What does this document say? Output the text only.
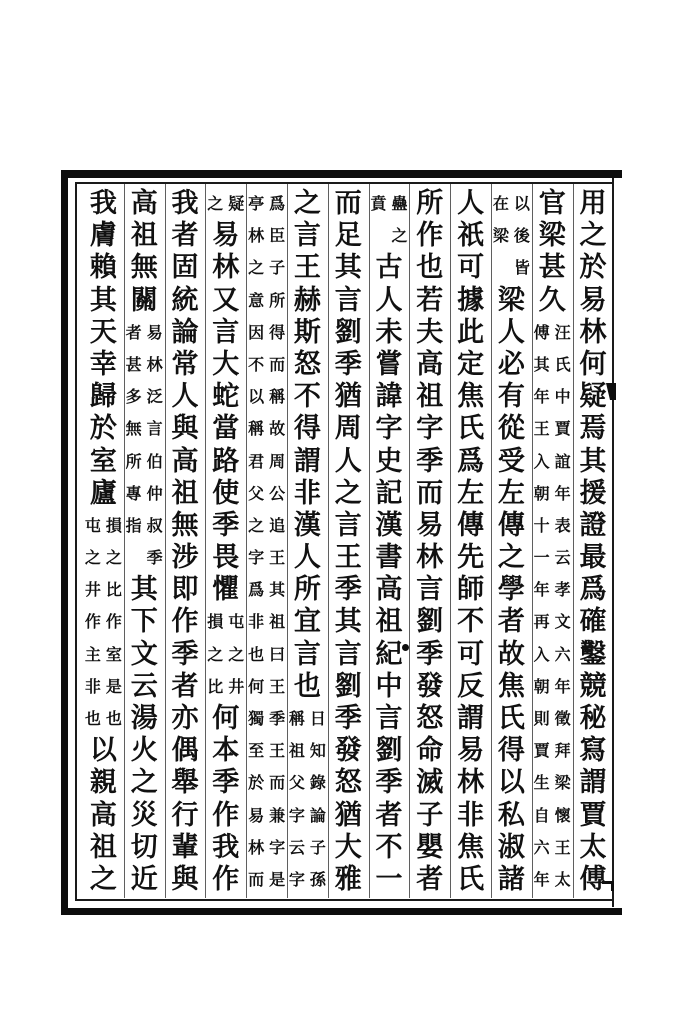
用
之
於
易
林
何
疑
焉
其
援
證
最
爲
確
鑿
競
秘
寫
謂
賈
太
傅
官
梁
甚
久
汪
氏
中
賈
誼
年
表
云
孝
文
六
年
徵
拜
梁
懷
王
太
傅
其
年
王
入
朝
十
一
年
再
入
朝
則
賈
生
自
六
年
以
後
皆
在
梁
梁
人
必
有
從
受
左
傳
之
學
者
故
焦
氏
得
以
私
淑
諸
人
祇
可
據
此
定
焦
氏
爲
左
傳
先
師
不
可
反
謂
易
林
非
焦
氏
所
作
也
若
夫
高
祖
字
季
而
易
林
言
劉
季
發
怒
命
滅
子
嬰
者
蠱
之
賁
古
人
未
嘗
諱
字
史
記
漢
書
高
祖
紀
中
言
劉
季
者
不
一
而
足
其
言
劉
季
猶
周
人
之
言
王
季
其
言
劉
季
發
怒
猶
大
雅
之
言
王
赫
斯
怒
不
得
謂
非
漢
人
所
宜
言
也
日
知
錄
論
子
孫
稱
祖
父
字
云
字
爲
臣
子
所
得
而
稱
故
周
公
追
王
其
祖
曰
王
季
王
而
兼
字
是
亭
林
之
意
因
不
以
稱
君
父
之
字
爲
非
也
何
獨
至
於
易
林
而
疑
之
易
林
又
言
大
蛇
當
路
使
季
畏
懼
屯
之
井
損
之
比
何
本
季
作
我
作
我
者
固
統
論
常
人
與
高
祖
無
涉
即
作
季
者
亦
偶
舉
行
輩
與
高
祖
無
關
易
林
泛
言
伯
仲
叔
季
者
甚
多
無
所
專
指
其
下
文
云
湯
火
之
災
切
近
我
膚
賴
其
天
幸
歸
於
室
廬
損
之
比
作
室
是
也
屯
之
井
作
主
非
也
以
親
高
祖
之
